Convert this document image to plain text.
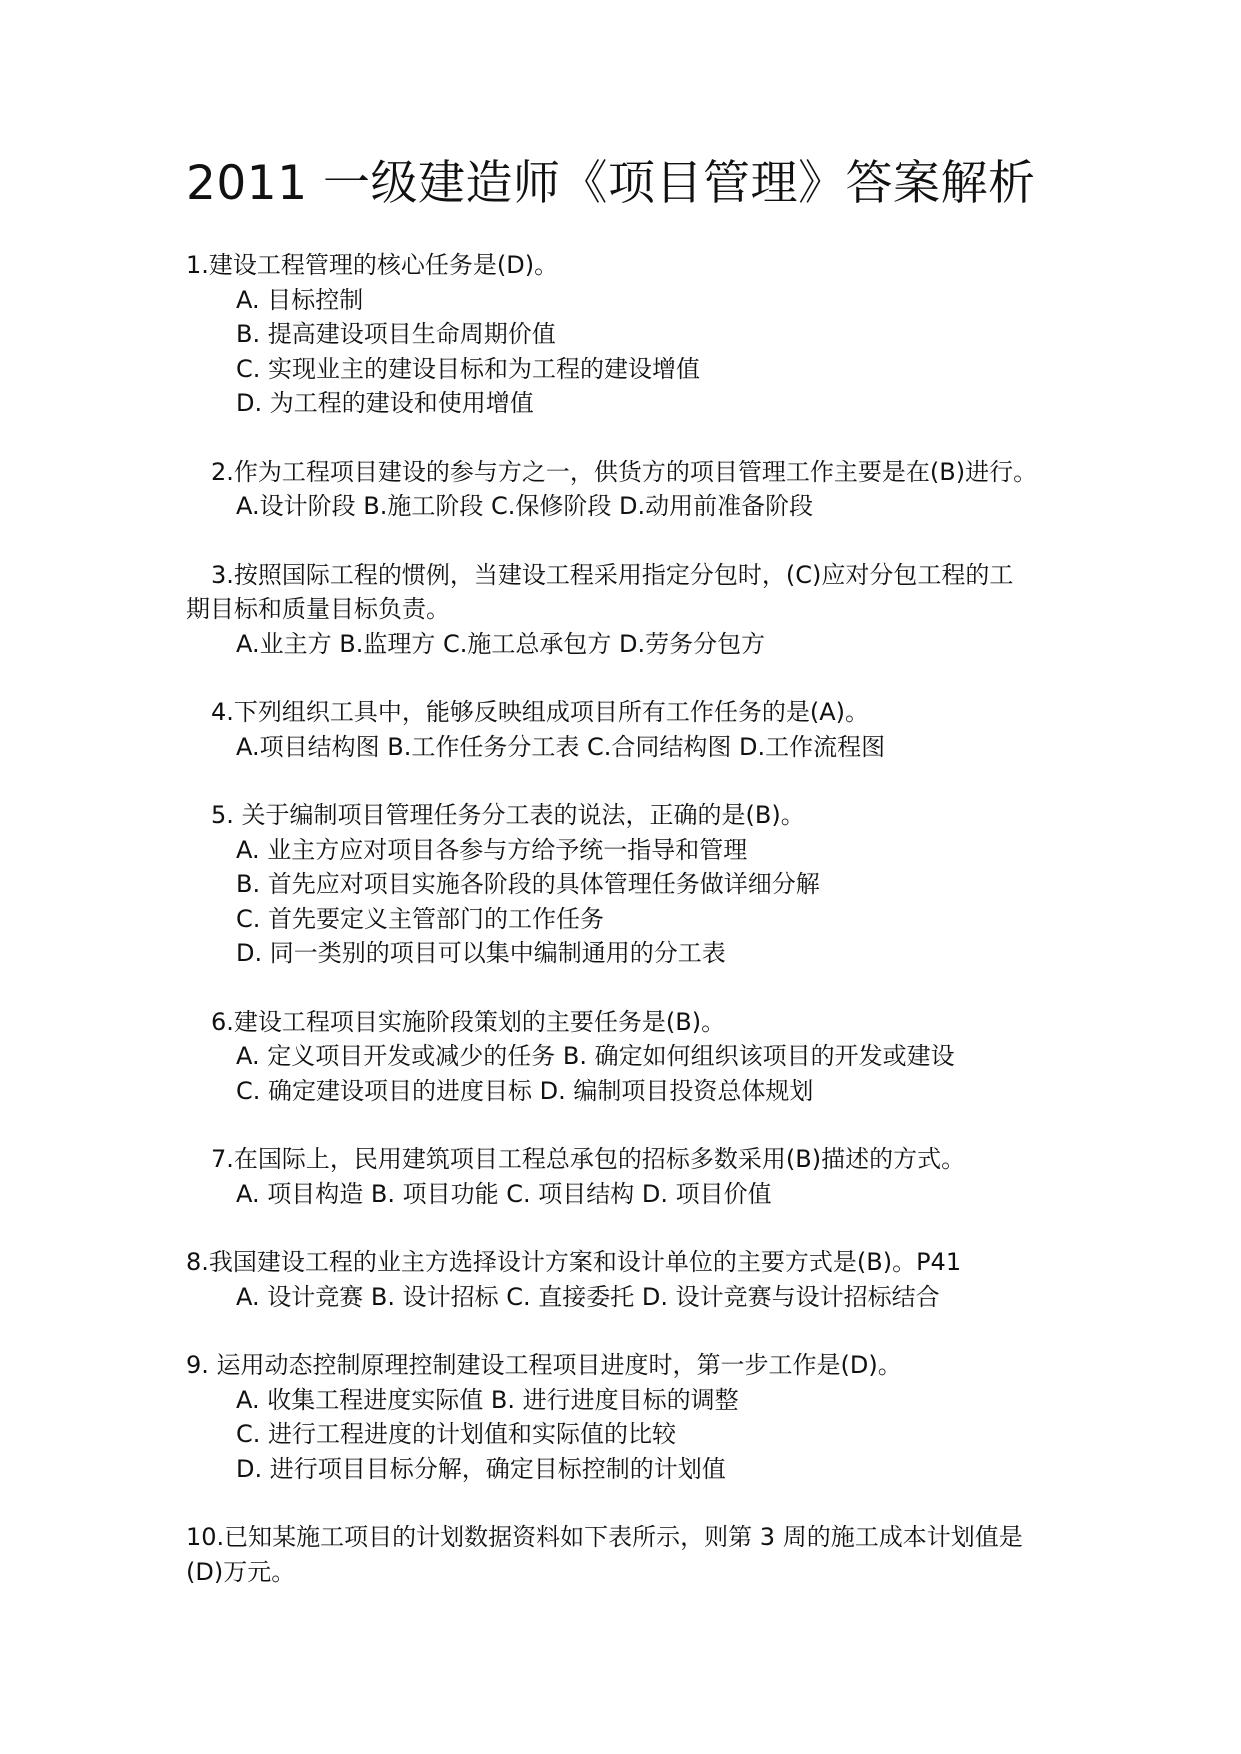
2011 一级建造师《项目管理》答案解析
1.建设工程管理的核心任务是(D)。
A. 目标控制
B. 提高建设项目生命周期价值
C. 实现业主的建设目标和为工程的建设增值
D. 为工程的建设和使用增值
2.作为工程项目建设的参与方之一，供货方的项目管理工作主要是在(B)进行。
A.设计阶段 B.施工阶段 C.保修阶段 D.动用前准备阶段
3.按照国际工程的惯例，当建设工程采用指定分包时，(C)应对分包工程的工
期目标和质量目标负责。
A.业主方 B.监理方 C.施工总承包方 D.劳务分包方
4.下列组织工具中，能够反映组成项目所有工作任务的是(A)。
A.项目结构图 B.工作任务分工表 C.合同结构图 D.工作流程图
5. 关于编制项目管理任务分工表的说法，正确的是(B)。
A. 业主方应对项目各参与方给予统一指导和管理
B. 首先应对项目实施各阶段的具体管理任务做详细分解
C. 首先要定义主管部门的工作任务
D. 同一类别的项目可以集中编制通用的分工表
6.建设工程项目实施阶段策划的主要任务是(B)。
A. 定义项目开发或减少的任务 B. 确定如何组织该项目的开发或建设
C. 确定建设项目的进度目标 D. 编制项目投资总体规划
7.在国际上，民用建筑项目工程总承包的招标多数采用(B)描述的方式。
A. 项目构造 B. 项目功能 C. 项目结构 D. 项目价值
8.我国建设工程的业主方选择设计方案和设计单位的主要方式是(B)。P41
A. 设计竞赛 B. 设计招标 C. 直接委托 D. 设计竞赛与设计招标结合
9. 运用动态控制原理控制建设工程项目进度时，第一步工作是(D)。
A. 收集工程进度实际值 B. 进行进度目标的调整
C. 进行工程进度的计划值和实际值的比较
D. 进行项目目标分解，确定目标控制的计划值
10.已知某施工项目的计划数据资料如下表所示，则第 3 周的施工成本计划值是
(D)万元。
